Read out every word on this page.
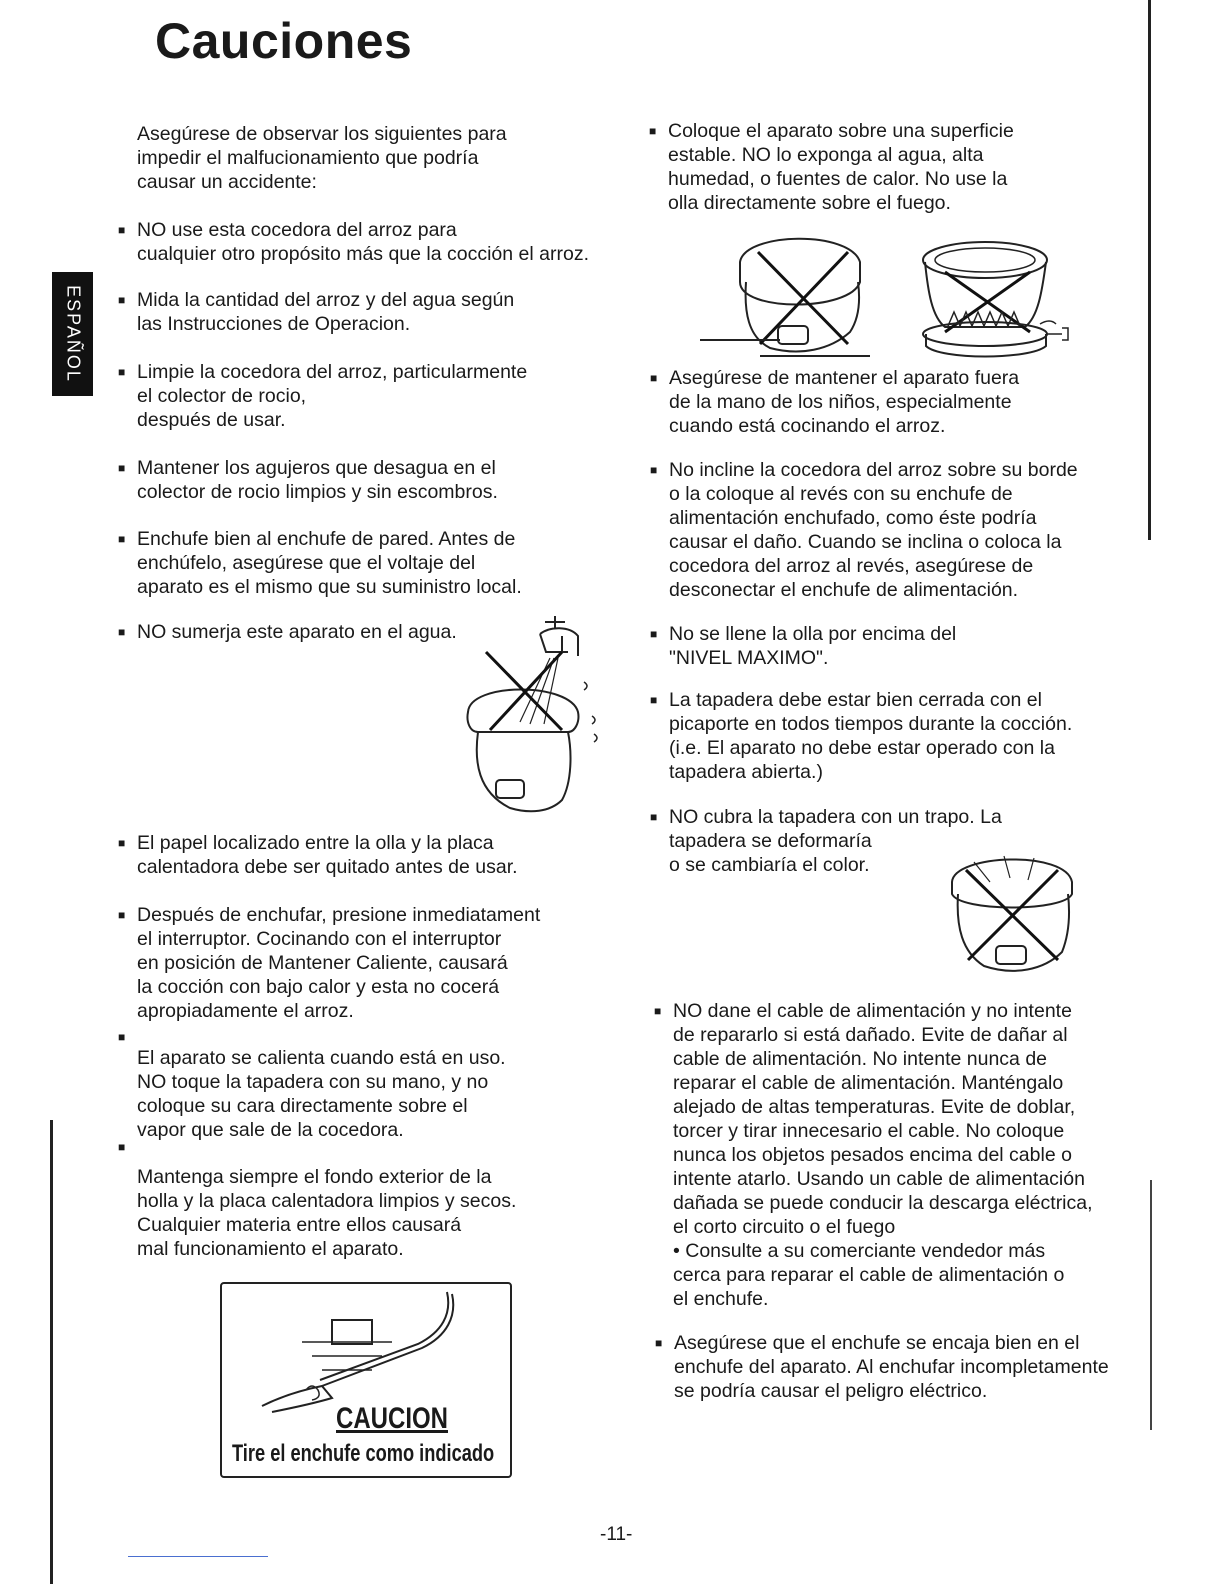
Cauciones
ESPAÑOL
-11-
Asegúrese de observar los siguientes para
impedir el malfucionamiento que podría
causar un accidente:
■ NO use esta cocedora del arroz para
cualquier otro propósito más que la cocción el arroz.
■ Mida la cantidad del arroz y del agua según
las Instrucciones de Operacion.
■ Limpie la cocedora del arroz, particularmente
el colector de rocio,
después de usar.
■ Mantener los agujeros que desagua en el
colector de rocio limpios y sin escombros.
■ Enchufe bien al enchufe de pared. Antes de
enchúfelo, asegúrese que el voltaje del
aparato es el mismo que su suministro local.
■ NO sumerja este aparato en el agua.
■ El papel localizado entre la olla y la placa
calentadora debe ser quitado antes de usar.
■ Después de enchufar, presione inmediatament
el interruptor. Cocinando con el interruptor
en posición de Mantener Caliente, causará
la cocción con bajo calor y esta no cocerá
apropiadamente el arroz.
■
El aparato se calienta cuando está en uso.
NO toque la tapadera con su mano, y no
coloque su cara directamente sobre el
vapor que sale de la cocedora.
■
Mantenga siempre el fondo exterior de la
holla y la placa calentadora limpios y secos.
Cualquier materia entre ellos causará
mal funcionamiento el aparato.
CAUCION
Tire el enchufe como indicado
■ Coloque el aparato sobre una superficie
estable. NO lo exponga al agua, alta
humedad, o fuentes de calor. No use la
olla directamente sobre el fuego.
■ Asegúrese de mantener el aparato fuera
de la mano de los niños, especialmente
cuando está cocinando el arroz.
■ No incline la cocedora del arroz sobre su borde
o la coloque al revés con su enchufe de
alimentación enchufado, como éste podría
causar el daño. Cuando se inclina o coloca la
cocedora del arroz al revés, asegúrese de
desconectar el enchufe de alimentación.
■ No se llene la olla por encima del
"NIVEL MAXIMO".
■ La tapadera debe estar bien cerrada con el
picaporte en todos tiempos durante la cocción.
(i.e. El aparato no debe estar operado con la
tapadera abierta.)
■ NO cubra la tapadera con un trapo. La
tapadera se deformaría
o se cambiaría el color.
■ NO dane el cable de alimentación y no intente
de repararlo si está dañado. Evite de dañar al
cable de alimentación. No intente nunca de
reparar el cable de alimentación. Manténgalo
alejado de altas temperaturas. Evite de doblar,
torcer y tirar innecesario el cable. No coloque
nunca los objetos pesados encima del cable o
intente atarlo. Usando un cable de alimentación
dañada se puede conducir la descarga eléctrica,
el corto circuito o el fuego
• Consulte a su comerciante vendedor más
cerca para reparar el cable de alimentación o
el enchufe.
■ Asegúrese que el enchufe se encaja bien en el
enchufe del aparato. Al enchufar incompletamente
se podría causar el peligro eléctrico.
